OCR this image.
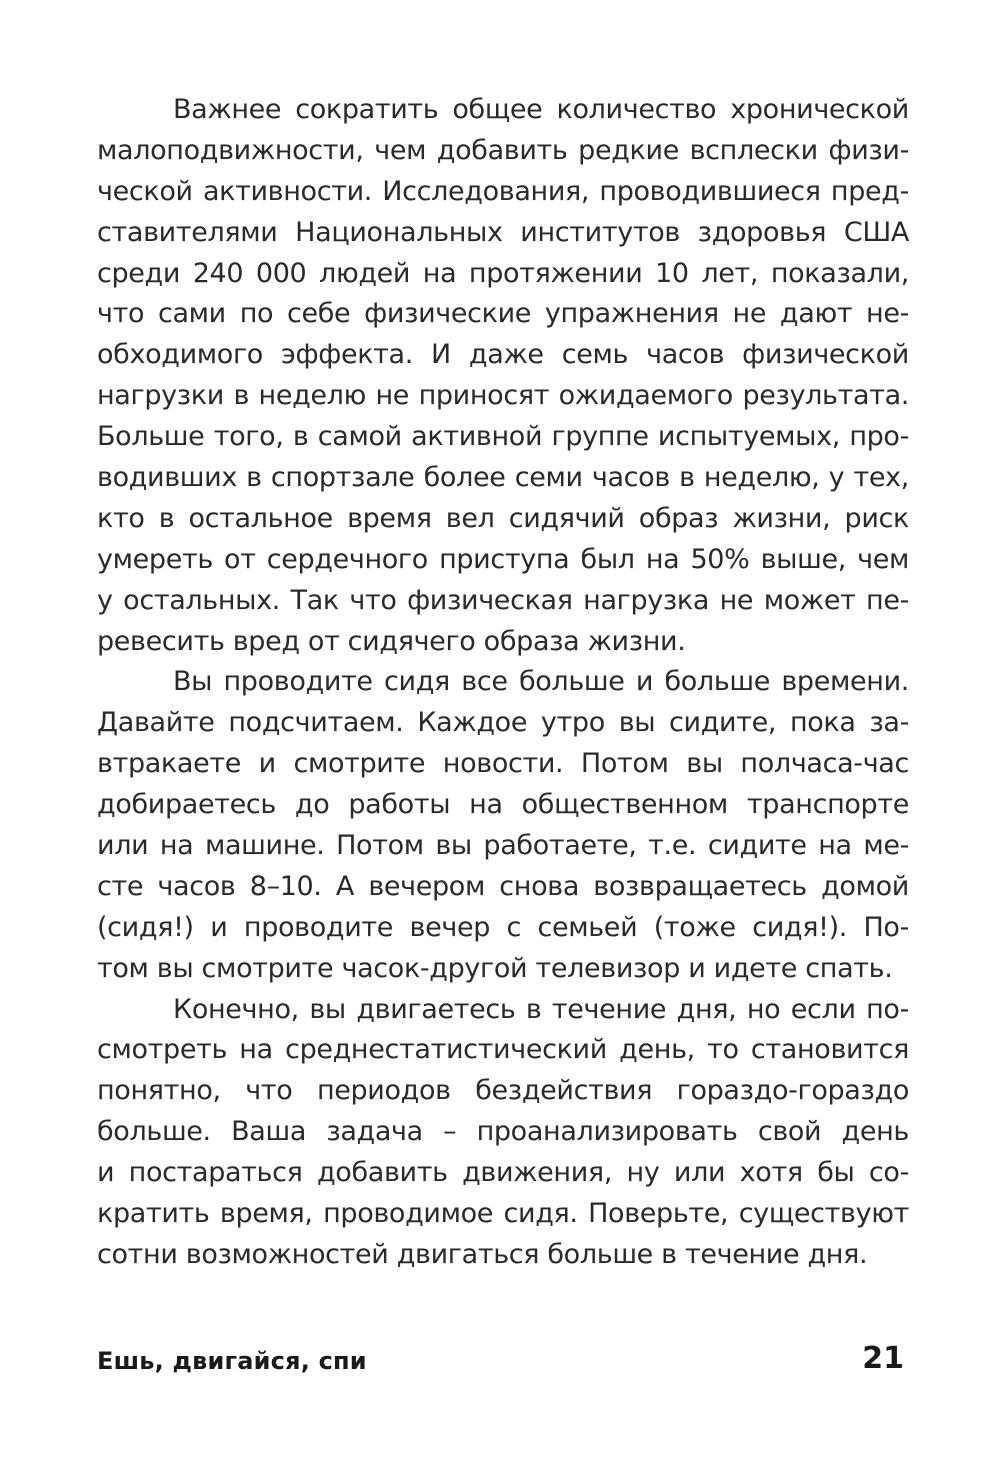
Важнее сократить общее количество хронической
малоподвижности, чем добавить редкие всплески физи-
ческой активности. Исследования, проводившиеся пред-
ставителями Национальных институтов здоровья США
среди 240 000 людей на протяжении 10 лет, показали,
что сами по себе физические упражнения не дают не-
обходимого эффекта. И даже семь часов физической
нагрузки в неделю не приносят ожидаемого результата.
Больше того, в самой активной группе испытуемых, про-
водивших в спортзале более семи часов в неделю, у тех,
кто в остальное время вел сидячий образ жизни, риск
умереть от сердечного приступа был на 50% выше, чем
у остальных. Так что физическая нагрузка не может пе-
ревесить вред от сидячего образа жизни.
Вы проводите сидя все больше и больше времени.
Давайте подсчитаем. Каждое утро вы сидите, пока за-
втракаете и смотрите новости. Потом вы полчаса-час
добираетесь до работы на общественном транспорте
или на машине. Потом вы работаете, т.е. сидите на ме-
сте часов 8–10. А вечером снова возвращаетесь домой
(сидя!) и проводите вечер с семьей (тоже сидя!). По-
том вы смотрите часок-другой телевизор и идете спать.
Конечно, вы двигаетесь в течение дня, но если по-
смотреть на среднестатистический день, то становится
понятно, что периодов бездействия гораздо-гораздо
больше. Ваша задача – проанализировать свой день
и постараться добавить движения, ну или хотя бы со-
кратить время, проводимое сидя. Поверьте, существуют
сотни возможностей двигаться больше в течение дня.
Ешь, двигайся, спи	21
